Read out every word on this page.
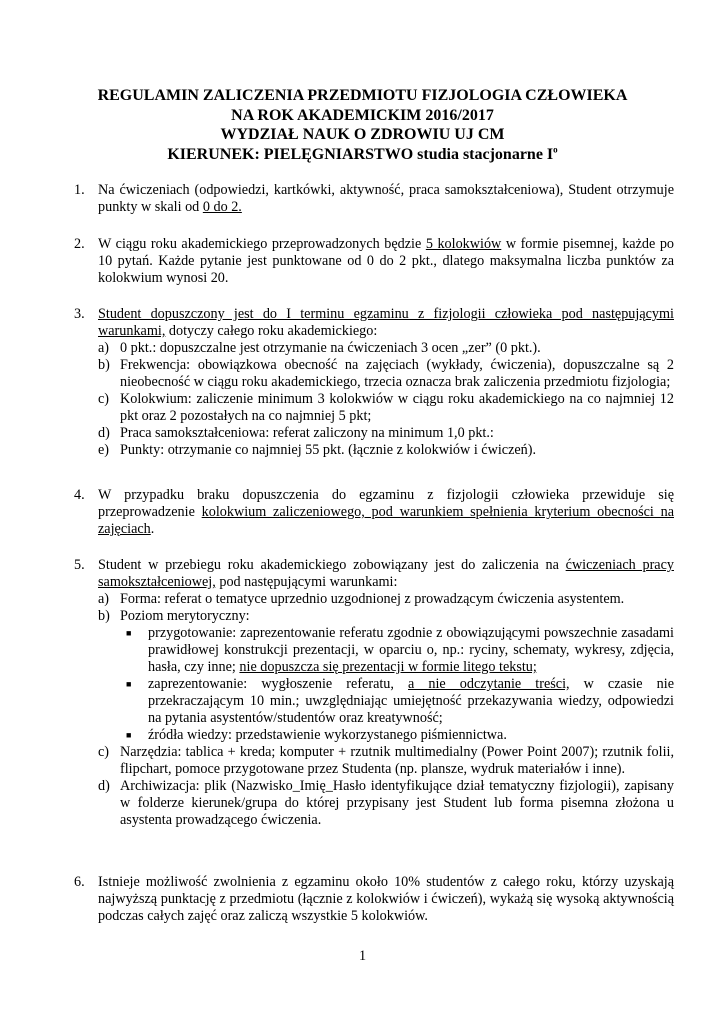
REGULAMIN ZALICZENIA PRZEDMIOTU FIZJOLOGIA CZŁOWIEKA
NA ROK AKADEMICKIM 2016/2017
WYDZIAŁ NAUK O ZDROWIU UJ CM
KIERUNEK: PIELĘGNIARSTWO studia stacjonarne $I^o$
1. Na ćwiczeniach (odpowiedzi, kartkówki, aktywność, praca samokształceniowa), Student otrzymuje punkty w skali od 0 do 2.
2. W ciągu roku akademickiego przeprowadzonych będzie 5 kolokwiów w formie pisemnej, każde po 10 pytań. Każde pytanie jest punktowane od 0 do 2 pkt., dlatego maksymalna liczba punktów za kolokwium wynosi 20.
3. Student dopuszczony jest do I terminu egzaminu z fizjologii człowieka pod następującymi warunkami, dotyczy całego roku akademickiego:
a) 0 pkt.: dopuszczalne jest otrzymanie na ćwiczeniach 3 ocen „zer” (0 pkt.).
b) Frekwencja: obowiązkowa obecność na zajęciach (wykłady, ćwiczenia), dopuszczalne są 2 nieobecność w ciągu roku akademickiego, trzecia oznacza brak zaliczenia przedmiotu fizjologia;
c) Kolokwium: zaliczenie minimum 3 kolokwiów w ciągu roku akademickiego na co najmniej 12 pkt oraz 2 pozostałych na co najmniej 5 pkt;
d) Praca samokształceniowa: referat zaliczony na minimum 1,0 pkt.:
e) Punkty: otrzymanie co najmniej 55 pkt. (łącznie z kolokwiów i ćwiczeń).
4. W przypadku braku dopuszczenia do egzaminu z fizjologii człowieka przewiduje się przeprowadzenie kolokwium zaliczeniowego, pod warunkiem spełnienia kryterium obecności na zajęciach.
5. Student w przebiegu roku akademickiego zobowiązany jest do zaliczenia na ćwiczeniach pracy samokształceniowej, pod następującymi warunkami:
a) Forma: referat o tematyce uprzednio uzgodnionej z prowadzącym ćwiczenia asystentem.
b) Poziom merytoryczny:
■	przygotowanie: zaprezentowanie referatu zgodnie z obowiązującymi powszechnie zasadami prawidłowej konstrukcji prezentacji, w oparciu o, np.: ryciny, schematy, wykresy, zdjęcia, hasła, czy inne; nie dopuszcza się prezentacji w formie litego tekstu;
■	zaprezentowanie: wygłoszenie referatu, a nie odczytanie treści, w czasie nie przekraczającym 10 min.; uwzględniając umiejętność przekazywania wiedzy, odpowiedzi na pytania asystentów/studentów oraz kreatywność;
■	źródła wiedzy: przedstawienie wykorzystanego piśmiennictwa.
c) Narzędzia: tablica + kreda; komputer + rzutnik multimedialny (Power Point 2007); rzutnik folii, flipchart, pomoce przygotowane przez Studenta (np. plansze, wydruk materiałów i inne).
d) Archiwizacja: plik (Nazwisko_Imię_Hasło identyfikujące dział tematyczny fizjologii), zapisany w folderze kierunek/grupa do której przypisany jest Student lub forma pisemna złożona u asystenta prowadzącego ćwiczenia.
6. Istnieje możliwość zwolnienia z egzaminu około 10% studentów z całego roku, którzy uzyskają najwyższą punktację z przedmiotu (łącznie z kolokwiów i ćwiczeń), wykażą się wysoką aktywnością podczas całych zajęć oraz zaliczą wszystkie 5 kolokwiów.
1
